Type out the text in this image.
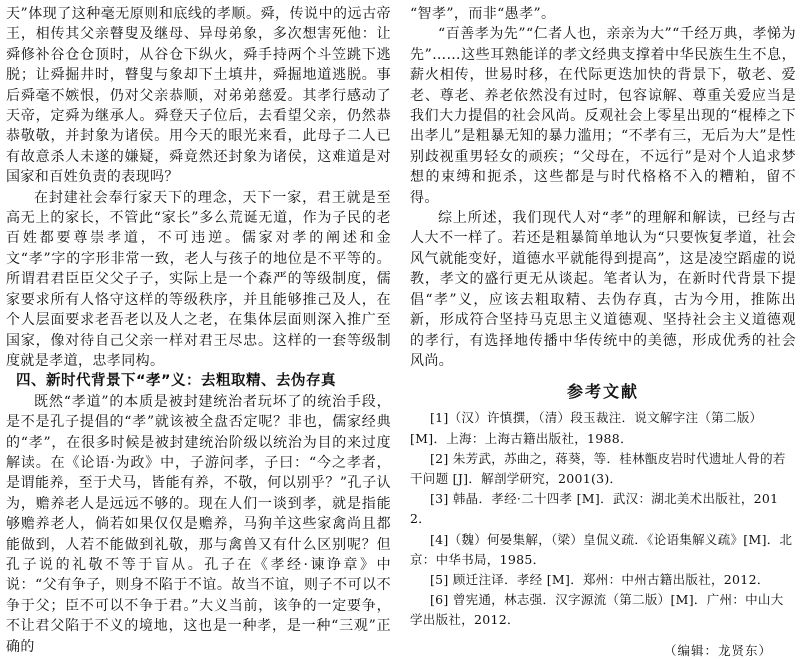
天”体现了这种毫无原则和底线的孝顺。舜，传说中的远古帝王，相传其父亲瞽叟及继母、异母弟象，多次想害死他：让舜修补谷仓仓顶时，从谷仓下纵火，舜手持两个斗笠跳下逃脱；让舜掘井时，瞽叟与象却下土填井，舜掘地道逃脱。事后舜毫不嫉恨，仍对父亲恭顺，对弟弟慈爱。其孝行感动了天帝，定舜为继承人。舜登天子位后，去看望父亲，仍然恭恭敬敬，并封象为诸侯。用今天的眼光来看，此母子二人已有故意杀人未遂的嫌疑，舜竟然还封象为诸侯，这难道是对国家和百姓负责的表现吗？

在封建社会奉行家天下的理念，天下一家，君王就是至高无上的家长，不管此“家长”多么荒诞无道，作为子民的老百姓都要尊崇孝道，不可违逆。儒家对孝的阐述和金文“孝”字的字形非常一致，老人与孩子的地位是不平等的。所谓君君臣臣父父子子，实际上是一个森严的等级制度，儒家要求所有人恪守这样的等级秩序，并且能够推己及人，在个人层面要求老吾老以及人之老，在集体层面则深入推广至国家，像对待自己父亲一样对君王尽忠。这样的一套等级制度就是孝道，忠孝同构。

四、新时代背景下“孝”义：去粗取精、去伪存真

既然“孝道”的本质是被封建统治者玩坏了的统治手段，是不是孔子提倡的“孝”就该被全盘否定呢？非也，儒家经典的“孝”，在很多时候是被封建统治阶级以统治为目的来过度解读。在《论语·为政》中，子游问孝，子曰：“今之孝者，是谓能养，至于犬马，皆能有养，不敬，何以别乎？”孔子认为，赡养老人是远远不够的。现在人们一谈到孝，就是指能够赡养老人，倘若如果仅仅是赡养，马狗羊这些家禽尚且都能做到，人若不能做到礼敬，那与禽兽又有什么区别呢？但孔子说的礼敬不等于盲从。孔子在《孝经·谏诤章》中说：“父有争子，则身不陷于不谊。故当不谊，则子不可以不争于父；臣不可以不争于君。”大义当前，该争的一定要争，不让君父陷于不义的境地，这也是一种孝，是一种“三观”正确的

“智孝”，而非“愚孝”。

“百善孝为先”“仁者人也，亲亲为大”“千经万典，孝悌为先”……这些耳熟能详的孝文经典支撑着中华民族生生不息，薪火相传，世易时移，在代际更迭加快的背景下，敬老、爱老、尊老、养老依然没有过时，包容谅解、尊重关爱应当是我们大力提倡的社会风尚。反观社会上零星出现的“棍棒之下出孝儿”是粗暴无知的暴力滥用；“不孝有三，无后为大”是性别歧视重男轻女的顽疾；“父母在，不远行”是对个人追求梦想的束缚和扼杀，这些都是与时代格格不入的糟粕，留不得。

综上所述，我们现代人对“孝”的理解和解读，已经与古人大不一样了。若还是粗暴简单地认为“只要恢复孝道，社会风气就能变好，道德水平就能得到提高”，这是凌空蹈虚的说教，孝文的盛行更无从谈起。笔者认为，在新时代背景下提倡“孝”义，应该去粗取精、去伪存真，古为今用，推陈出新，形成符合坚持马克思主义道德观、坚持社会主义道德观的孝行，有选择地传播中华传统中的美德，形成优秀的社会风尚。

参考文献

[1]（汉）许慎撰，（清）段玉裁注．说文解字注（第二版）[M]．上海：上海古籍出版社，1988．

[2] 朱芳武，苏曲之，蒋葵，等．桂林甑皮岩时代遗址人骨的若干问题 [J]．解剖学研究，2001(3)．

[3] 韩晶．孝经·二十四孝 [M]．武汉：湖北美术出版社，2012．

[4]（魏）何晏集解，（梁）皇侃义疏．《论语集解义疏》[M]．北京：中华书局，1985．

[5] 顾迁注译．孝经 [M]．郑州：中州古籍出版社，2012．

[6] 曾宪通，林志强．汉字源流（第二版）[M]．广州：中山大学出版社，2012．

（编辑：龙贤东）
